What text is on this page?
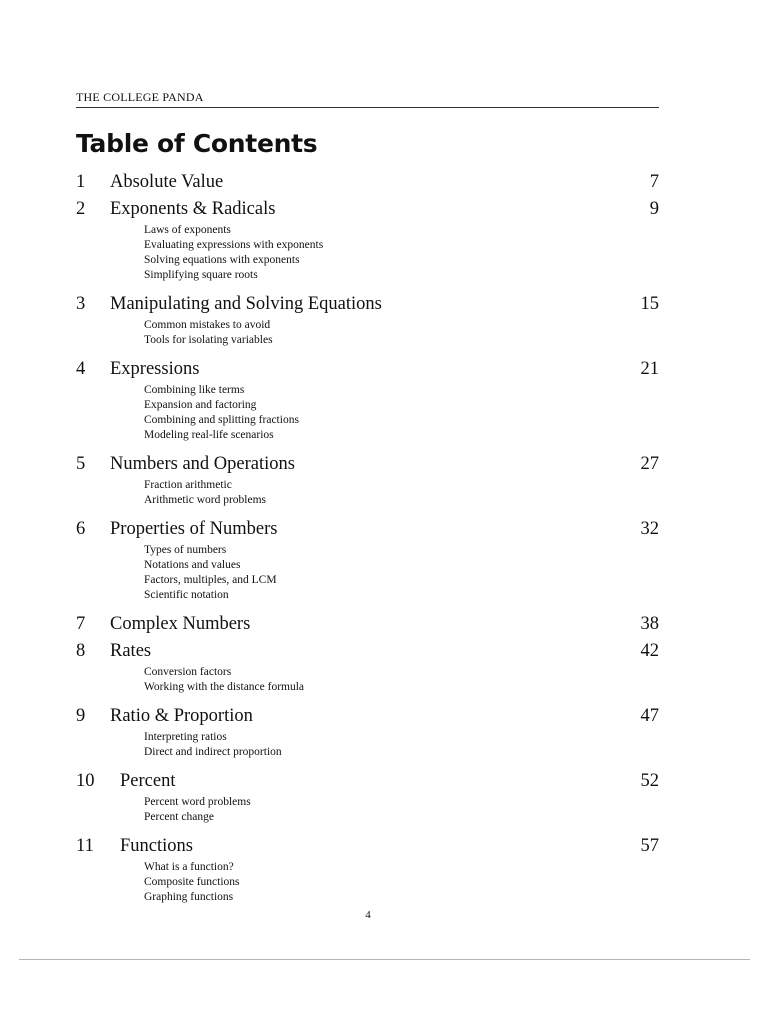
THE COLLEGE PANDA
Table of Contents
1 Absolute Value	7
2 Exponents & Radicals	9
Laws of exponents
Evaluating expressions with exponents
Solving equations with exponents
Simplifying square roots
3 Manipulating and Solving Equations	15
Common mistakes to avoid
Tools for isolating variables
4 Expressions	21
Combining like terms
Expansion and factoring
Combining and splitting fractions
Modeling real-life scenarios
5 Numbers and Operations	27
Fraction arithmetic
Arithmetic word problems
6 Properties of Numbers	32
Types of numbers
Notations and values
Factors, multiples, and LCM
Scientific notation
7 Complex Numbers	38
8 Rates	42
Conversion factors
Working with the distance formula
9 Ratio & Proportion	47
Interpreting ratios
Direct and indirect proportion
10 Percent	52
Percent word problems
Percent change
11 Functions	57
What is a function?
Composite functions
Graphing functions
4
